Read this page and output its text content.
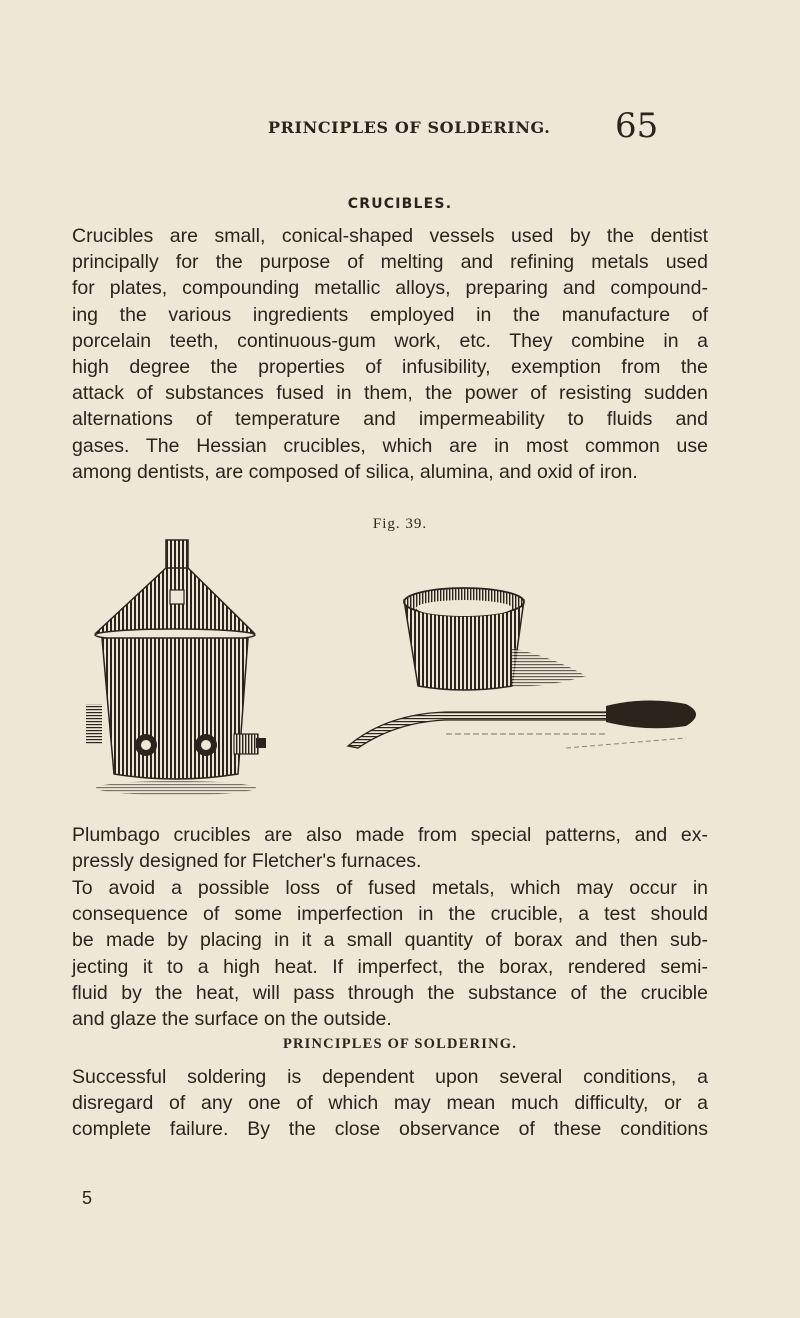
PRINCIPLES OF SOLDERING. 65
CRUCIBLES.

Crucibles are small, conical-shaped vessels used by the dentist
principally for the purpose of melting and refining metals used
for plates, compounding metallic alloys, preparing and compound-
ing the various ingredients employed in the manufacture of
porcelain teeth, continuous-gum work, etc. They combine in a
high degree the properties of infusibility, exemption from the
attack of substances fused in them, the power of resisting sudden
alternations of temperature and impermeability to fluids and
gases. The Hessian crucibles, which are in most common use
among dentists, are composed of silica, alumina, and oxid of iron.

Fig. 39.

Plumbago crucibles are also made from special patterns, and ex-
pressly designed for Fletcher's furnaces.

To avoid a possible loss of fused metals, which may occur in
consequence of some imperfection in the crucible, a test should
be made by placing in it a small quantity of borax and then sub-
jecting it to a high heat. If imperfect, the borax, rendered semi-
fluid by the heat, will pass through the substance of the crucible
and glaze the surface on the outside.

PRINCIPLES OF SOLDERING.

Successful soldering is dependent upon several conditions, a
disregard of any one of which may mean much difficulty, or a
complete failure. By the close observance of these conditions

5
